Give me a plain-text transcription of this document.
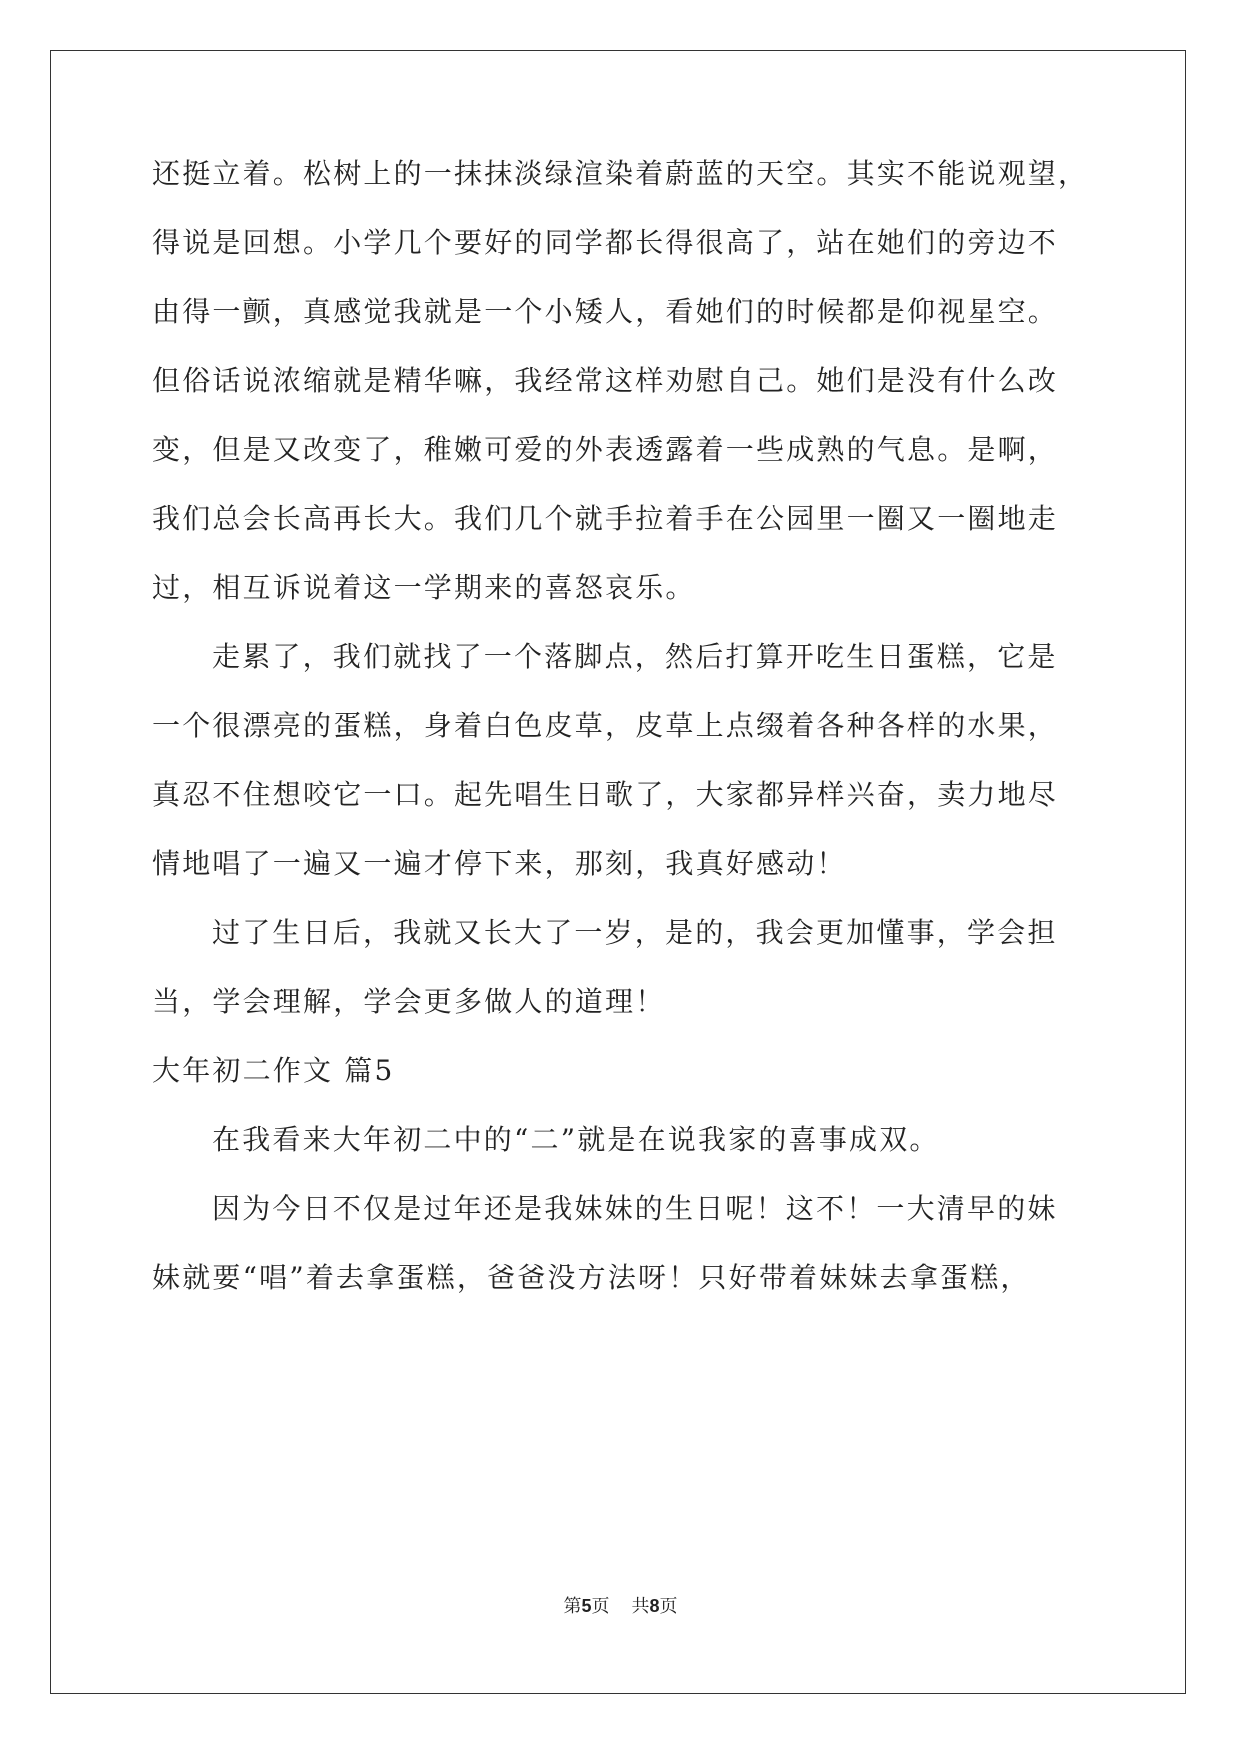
还挺立着。松树上的一抹抹淡绿渲染着蔚蓝的天空。其实不能说观望，
得说是回想。小学几个要好的同学都长得很高了，站在她们的旁边不
由得一颤，真感觉我就是一个小矮人，看她们的时候都是仰视星空。
但俗话说浓缩就是精华嘛，我经常这样劝慰自己。她们是没有什么改
变，但是又改变了，稚嫩可爱的外表透露着一些成熟的气息。是啊，
我们总会长高再长大。我们几个就手拉着手在公园里一圈又一圈地走
过，相互诉说着这一学期来的喜怒哀乐。
走累了，我们就找了一个落脚点，然后打算开吃生日蛋糕，它是
一个很漂亮的蛋糕，身着白色皮草，皮草上点缀着各种各样的水果，
真忍不住想咬它一口。起先唱生日歌了，大家都异样兴奋，卖力地尽
情地唱了一遍又一遍才停下来，那刻，我真好感动！
过了生日后，我就又长大了一岁，是的，我会更加懂事，学会担
当，学会理解，学会更多做人的道理！
大年初二作文 篇5
在我看来大年初二中的“二”就是在说我家的喜事成双。
因为今日不仅是过年还是我妹妹的生日呢！这不！一大清早的妹
妹就要“唱”着去拿蛋糕，爸爸没方法呀！只好带着妹妹去拿蛋糕，
第5页 共8页
